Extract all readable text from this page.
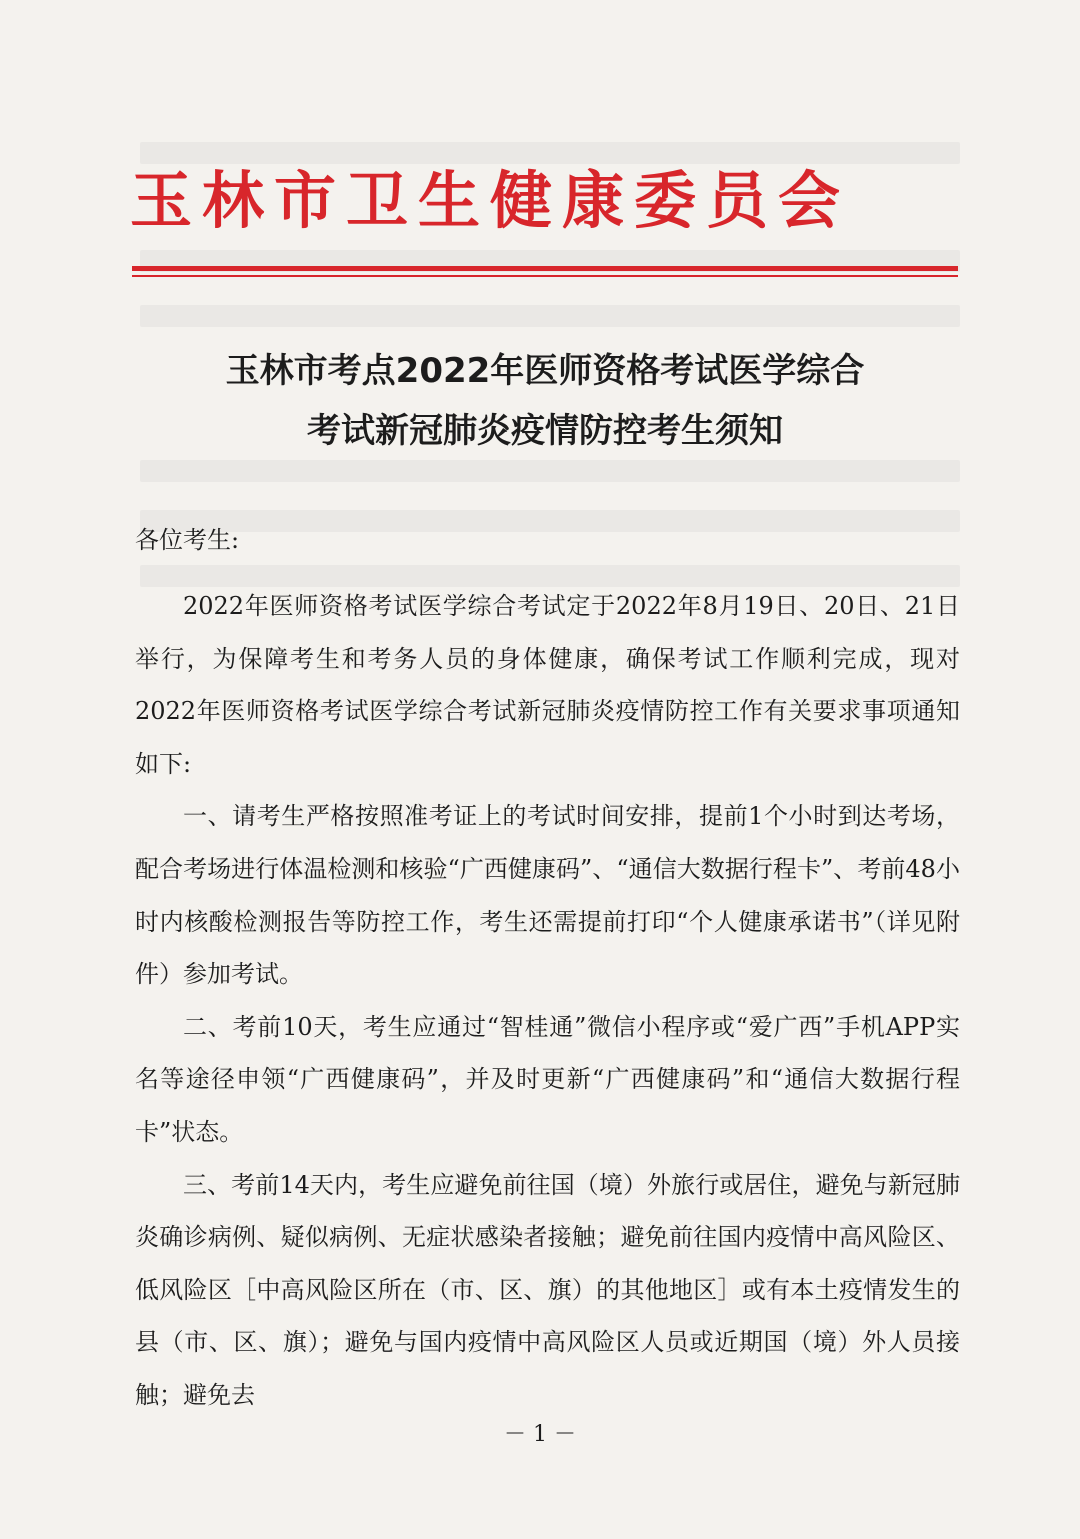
玉林市卫生健康委员会
玉林市考点2022年医师资格考试医学综合
考试新冠肺炎疫情防控考生须知
各位考生:

2022年医师资格考试医学综合考试定于2022年8月19日、20日、21日举行，为保障考生和考务人员的身体健康，确保考试工作顺利完成，现对2022年医师资格考试医学综合考试新冠肺炎疫情防控工作有关要求事项通知如下:

一、请考生严格按照准考证上的考试时间安排，提前1个小时到达考场，配合考场进行体温检测和核验“广西健康码”、“通信大数据行程卡”、考前48小时内核酸检测报告等防控工作，考生还需提前打印“个人健康承诺书”（详见附件）参加考试。

二、考前10天，考生应通过“智桂通”微信小程序或“爱广西”手机APP实名等途径申领“广西健康码”，并及时更新“广西健康码”和“通信大数据行程卡”状态。

三、考前14天内，考生应避免前往国（境）外旅行或居住，避免与新冠肺炎确诊病例、疑似病例、无症状感染者接触；避免前往国内疫情中高风险区、低风险区［中高风险区所在（市、区、旗）的其他地区］或有本土疫情发生的县（市、区、旗）；避免与国内疫情中高风险区人员或近期国（境）外人员接触；避免去

－ 1 －
